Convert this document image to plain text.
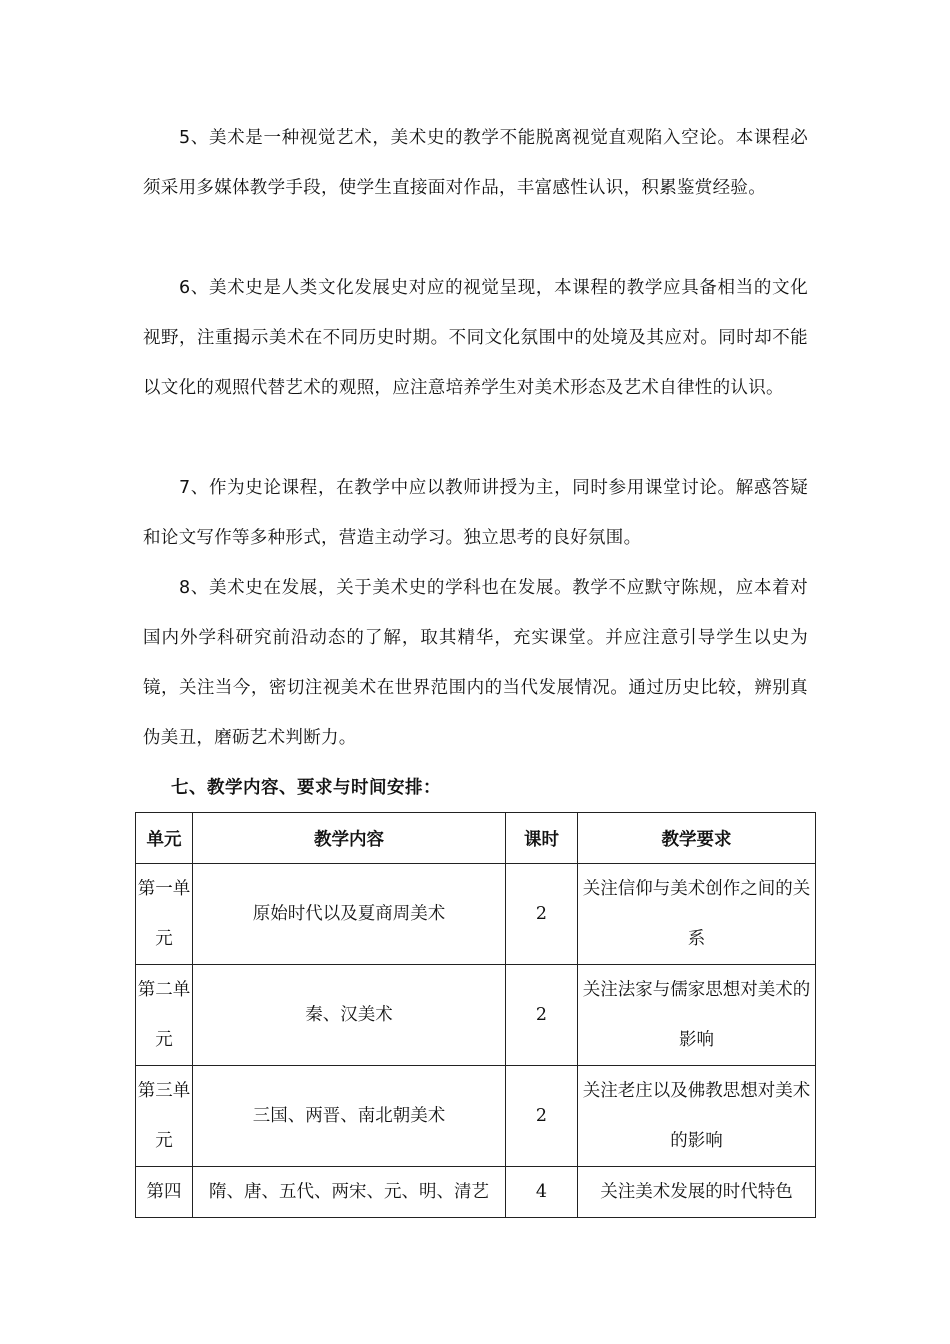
5、美术是一种视觉艺术，美术史的教学不能脱离视觉直观陷入空论。本课程必须采用多媒体教学手段，使学生直接面对作品，丰富感性认识，积累鉴赏经验。

6、美术史是人类文化发展史对应的视觉呈现，本课程的教学应具备相当的文化视野，注重揭示美术在不同历史时期。不同文化氛围中的处境及其应对。同时却不能以文化的观照代替艺术的观照，应注意培养学生对美术形态及艺术自律性的认识。

7、作为史论课程，在教学中应以教师讲授为主，同时参用课堂讨论。解惑答疑和论文写作等多种形式，营造主动学习。独立思考的良好氛围。

8、美术史在发展，关于美术史的学科也在发展。教学不应默守陈规，应本着对国内外学科研究前沿动态的了解，取其精华，充实课堂。并应注意引导学生以史为镜，关注当今，密切注视美术在世界范围内的当代发展情况。通过历史比较，辨别真伪美丑，磨砺艺术判断力。

七、教学内容、要求与时间安排：
单元	教学内容	课时	教学要求
第一单元	原始时代以及夏商周美术	2	关注信仰与美术创作之间的关系
第二单元	秦、汉美术	2	关注法家与儒家思想对美术的影响
第三单元	三国、两晋、南北朝美术	2	关注老庄以及佛教思想对美术的影响
第四	隋、唐、五代、两宋、元、明、清艺	4	关注美术发展的时代特色
